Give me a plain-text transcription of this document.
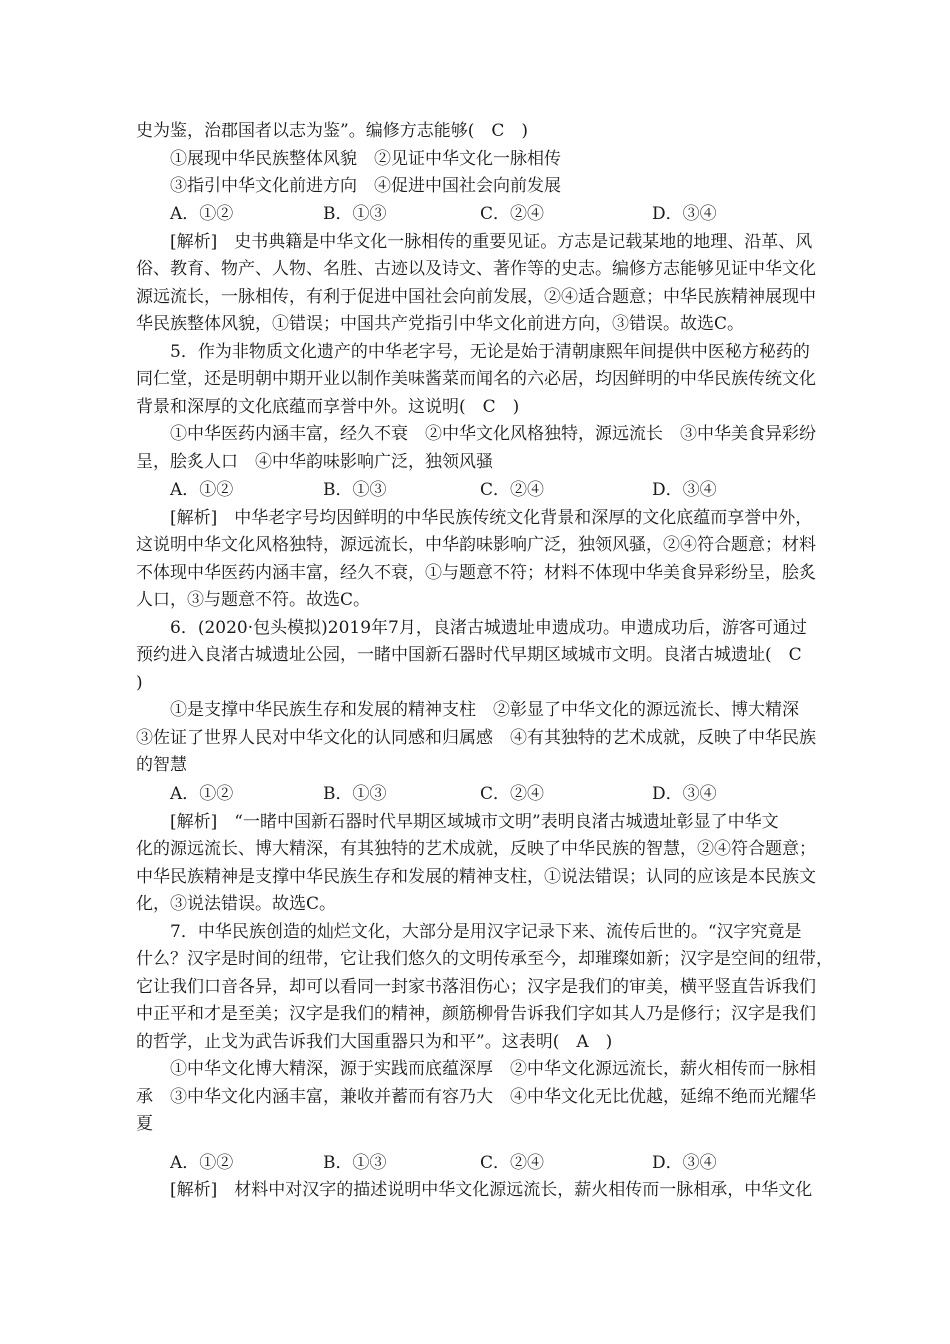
史为鉴，治郡国者以志为鉴”。编修方志能够(　C　)
①展现中华民族整体风貌　②见证中华文化一脉相传
③指引中华文化前进方向　④促进中国社会向前发展
A．①②	B．①③	C．②④	D．③④
[解析]　史书典籍是中华文化一脉相传的重要见证。方志是记载某地的地理、沿革、风
俗、教育、物产、人物、名胜、古迹以及诗文、著作等的史志。编修方志能够见证中华文化
源远流长，一脉相传，有利于促进中国社会向前发展，②④适合题意；中华民族精神展现中
华民族整体风貌，①错误；中国共产党指引中华文化前进方向，③错误。故选C。
5．作为非物质文化遗产的中华老字号，无论是始于清朝康熙年间提供中医秘方秘药的
同仁堂，还是明朝中期开业以制作美味酱菜而闻名的六必居，均因鲜明的中华民族传统文化
背景和深厚的文化底蕴而享誉中外。这说明(　C　)
①中华医药内涵丰富，经久不衰　②中华文化风格独特，源远流长　③中华美食异彩纷
呈，脍炙人口　④中华韵味影响广泛，独领风骚
A．①②	B．①③	C．②④	D．③④
[解析]　中华老字号均因鲜明的中华民族传统文化背景和深厚的文化底蕴而享誉中外，
这说明中华文化风格独特，源远流长，中华韵味影响广泛，独领风骚，②④符合题意；材料
不体现中华医药内涵丰富，经久不衰，①与题意不符；材料不体现中华美食异彩纷呈，脍炙
人口，③与题意不符。故选C。
6．(2020·包头模拟)2019年7月，良渚古城遗址申遗成功。申遗成功后，游客可通过
预约进入良渚古城遗址公园，一睹中国新石器时代早期区域城市文明。良渚古城遗址(　C
)
①是支撑中华民族生存和发展的精神支柱　②彰显了中华文化的源远流长、博大精深
③佐证了世界人民对中华文化的认同感和归属感　④有其独特的艺术成就，反映了中华民族
的智慧
A．①②	B．①③	C．②④	D．③④
[解析]　“一睹中国新石器时代早期区域城市文明”表明良渚古城遗址彰显了中华文
化的源远流长、博大精深，有其独特的艺术成就，反映了中华民族的智慧，②④符合题意；
中华民族精神是支撑中华民族生存和发展的精神支柱，①说法错误；认同的应该是本民族文
化，③说法错误。故选C。
7．中华民族创造的灿烂文化，大部分是用汉字记录下来、流传后世的。“汉字究竟是
什么？汉字是时间的纽带，它让我们悠久的文明传承至今，却璀璨如新；汉字是空间的纽带，
它让我们口音各异，却可以看同一封家书落泪伤心；汉字是我们的审美，横平竖直告诉我们
中正平和才是至美；汉字是我们的精神，颜筋柳骨告诉我们字如其人乃是修行；汉字是我们
的哲学，止戈为武告诉我们大国重器只为和平”。这表明(　A　)
①中华文化博大精深，源于实践而底蕴深厚　②中华文化源远流长，薪火相传而一脉相
承　③中华文化内涵丰富，兼收并蓄而有容乃大　④中华文化无比优越，延绵不绝而光耀华
夏
A．①②	B．①③	C．②④	D．③④
[解析]　材料中对汉字的描述说明中华文化源远流长，薪火相传而一脉相承，中华文化
